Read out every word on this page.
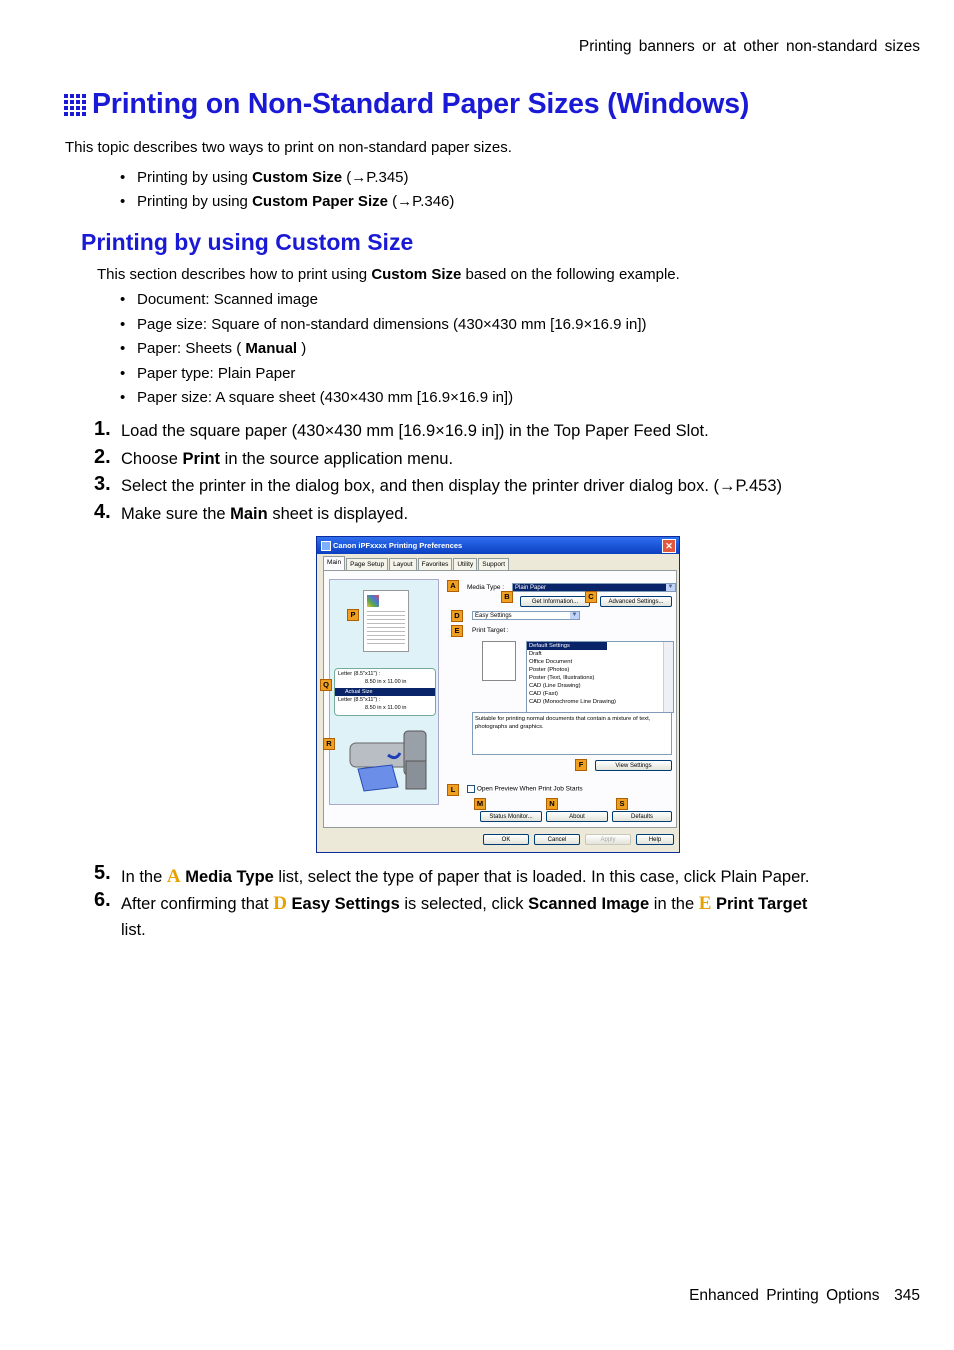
Printing banners or at other non-standard sizes
Printing on Non-Standard Paper Sizes (Windows)
This topic describes two ways to print on non-standard paper sizes.
• Printing by using Custom Size (→P.345)
• Printing by using Custom Paper Size (→P.346)
Printing by using Custom Size
This section describes how to print using Custom Size based on the following example.
• Document: Scanned image
• Page size: Square of non-standard dimensions (430×430 mm [16.9×16.9 in])
• Paper: Sheets ( Manual )
• Paper type: Plain Paper
• Paper size: A square sheet (430×430 mm [16.9×16.9 in])
1. Load the square paper (430×430 mm [16.9×16.9 in]) in the Top Paper Feed Slot.
2. Choose Print in the source application menu.
3. Select the printer in the dialog box, and then display the printer driver dialog box. (→P.453)
4. Make sure the Main sheet is displayed.
Canon iPFxxxx Printing Preferences	✕
Main	Page Setup	Layout	Favorites	Utility	Support
Letter (8.5"x11") :
8.50 in x 11.00 in
Actual Size
Letter (8.5"x11") :
8.50 in x 11.00 in
Media Type :	Plain Paper	▼
Get Information...	Advanced Settings...
Easy Settings	▼
Print Target :
Default Settings
Draft
Office Document
Poster (Photos)
Poster (Text, Illustrations)
CAD (Line Drawing)
CAD (Fast)
CAD (Monochrome Line Drawing)
Suitable for printing normal documents that contain a mixture of text, photographs and graphics.
View Settings
Open Preview When Print Job Starts
Status Monitor...	About	Defaults
OK	Cancel	Apply	Help
A
B	C
D
E
F
L
M	N	S
P
Q
R
5. In the A Media Type list, select the type of paper that is loaded. In this case, click Plain Paper.
6. After confirming that D Easy Settings is selected, click Scanned Image in the E Print Target
list.
Enhanced Printing Options 345
